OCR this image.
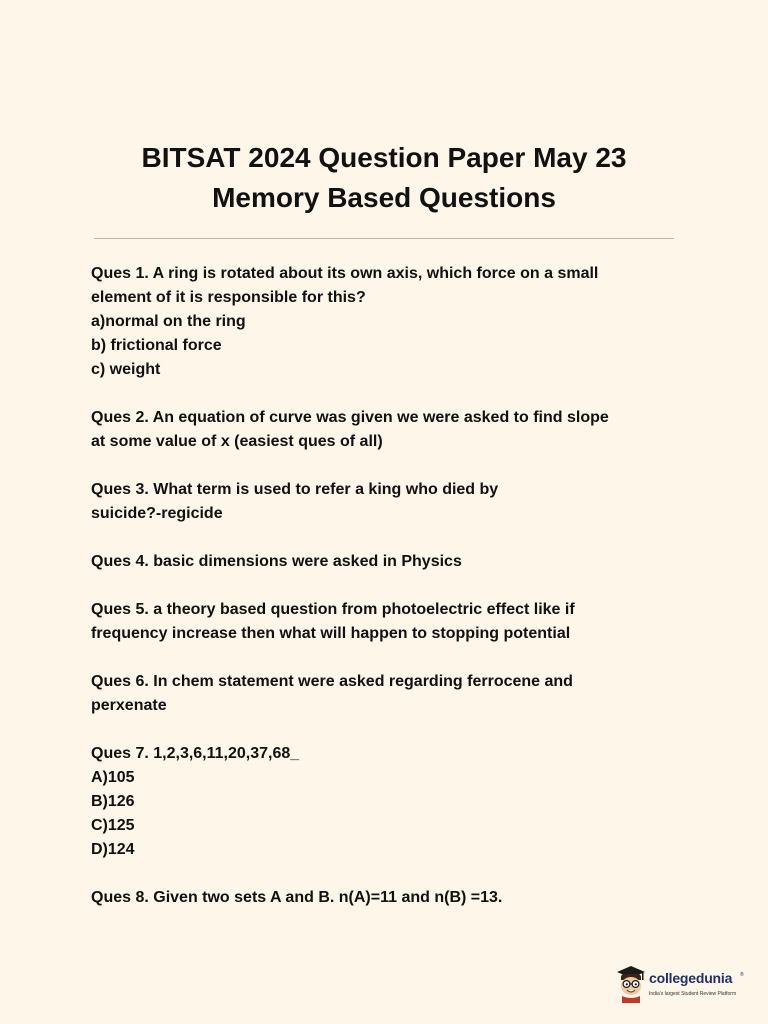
BITSAT 2024 Question Paper May 23
Memory Based Questions

Ques 1. A ring is rotated about its own axis, which force on a small
element of it is responsible for this?
a)normal on the ring
b) frictional force
c) weight

Ques 2. An equation of curve was given we were asked to find slope
at some value of x (easiest ques of all)

Ques 3. What term is used to refer a king who died by
suicide?-regicide

Ques 4. basic dimensions were asked in Physics

Ques 5. a theory based question from photoelectric effect like if
frequency increase then what will happen to stopping potential

Ques 6. In chem statement were asked regarding ferrocene and
perxenate

Ques 7. 1,2,3,6,11,20,37,68_
A)105
B)126
C)125
D)124

Ques 8. Given two sets A and B. n(A)=11 and n(B) =13.

collegedunia ®
India's largest Student Review Platform
